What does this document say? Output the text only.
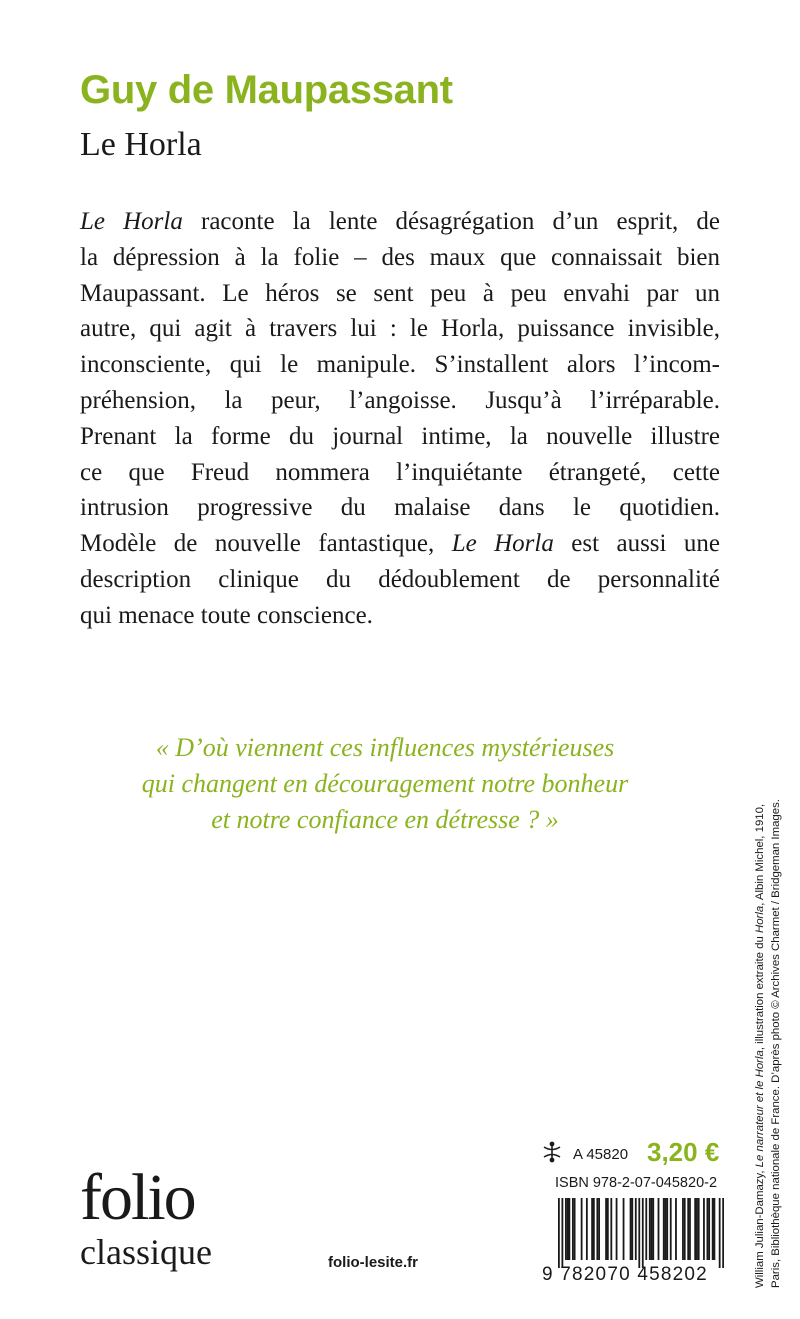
Guy de Maupassant
Le Horla
Le Horla raconte la lente désagrégation d’un esprit, de
la dépression à la folie – des maux que connaissait bien
Maupassant. Le héros se sent peu à peu envahi par un
autre, qui agit à travers lui : le Horla, puissance invisible,
inconsciente, qui le manipule. S’installent alors l’incom-
préhension, la peur, l’angoisse. Jusqu’à l’irréparable.
Prenant la forme du journal intime, la nouvelle illustre
ce que Freud nommera l’inquiétante étrangeté, cette
intrusion progressive du malaise dans le quotidien.
Modèle de nouvelle fantastique, Le Horla est aussi une
description clinique du dédoublement de personnalité
qui menace toute conscience.
« D’où viennent ces influences mystérieuses
qui changent en découragement notre bonheur
et notre confiance en détresse ? »
William Julian-Damazy, Le narrateur et le Horla, illustration extraite du Horla, Albin Michel, 1910, Paris, Bibliothèque nationale de France. D’après photo © Archives Charmet / Bridgeman Images.
folio
classique	folio-lesite.fr
A 45820 3,20 €
ISBN 978-2-07-045820-2
9 782070 458202
